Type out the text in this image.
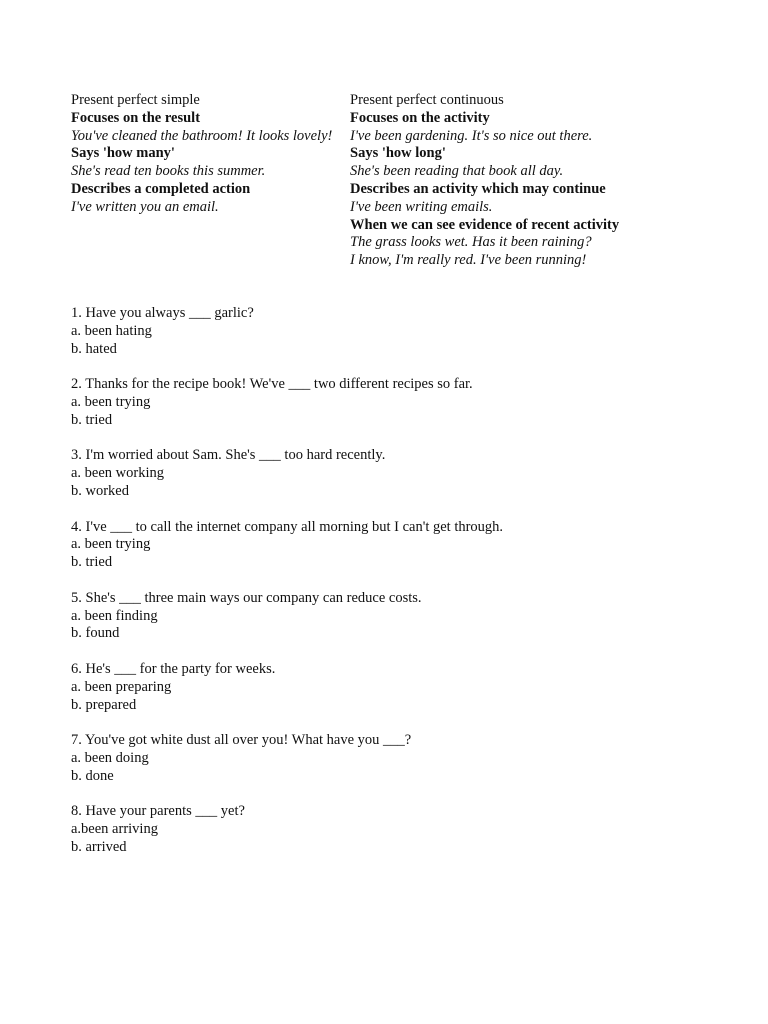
Present perfect simple
Focuses on the result
You've cleaned the bathroom! It looks lovely!
Says 'how many'
She's read ten books this summer.
Describes a completed action
I've written you an email.
Present perfect continuous
Focuses on the activity
I've been gardening. It's so nice out there.
Says 'how long'
She's been reading that book all day.
Describes an activity which may continue
I've been writing emails.
When we can see evidence of recent activity
The grass looks wet. Has it been raining?
I know, I'm really red. I've been running!
1. Have you always ___ garlic?
a. been hating
b. hated
2. Thanks for the recipe book! We've ___ two different recipes so far.
a. been trying
b. tried
3. I'm worried about Sam. She's ___ too hard recently.
a. been working
b. worked
4. I've ___ to call the internet company all morning but I can't get through.
a. been trying
b. tried
5. She's ___ three main ways our company can reduce costs.
a. been finding
b. found
6. He's ___ for the party for weeks.
a. been preparing
b. prepared
7. You've got white dust all over you! What have you ___?
a. been doing
b. done
8. Have your parents ___ yet?
a.been arriving
b. arrived
